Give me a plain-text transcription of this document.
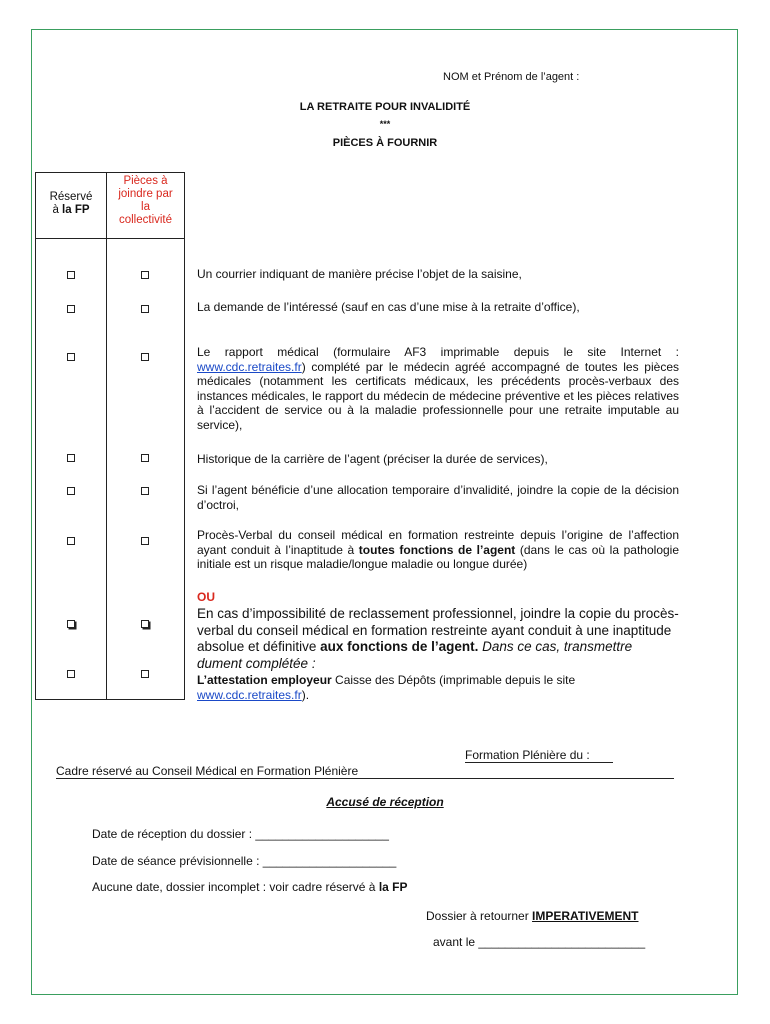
NOM et Prénom de l’agent :
LA RETRAITE POUR INVALIDITÉ
***
PIÈCES À FOURNIR
Réservé
à la FP
Pièces à
joindre par
la
collectivité
Un courrier indiquant de manière précise l’objet de la saisine,
La demande de l’intéressé (sauf en cas d’une mise à la retraite d’office),
Le rapport médical (formulaire AF3 imprimable depuis le site Internet : www.cdc.retraites.fr) complété par le médecin agréé accompagné de toutes les pièces médicales (notamment les certificats médicaux, les précédents procès-verbaux des instances médicales, le rapport du médecin de médecine préventive et les pièces relatives à l’accident de service ou à la maladie professionnelle pour une retraite imputable au service),
Historique de la carrière de l’agent (préciser la durée de services),
Si l’agent bénéficie d’une allocation temporaire d’invalidité, joindre la copie de la décision d’octroi,
Procès-Verbal du conseil médical en formation restreinte depuis l’origine de l’affection ayant conduit à l’inaptitude à toutes fonctions de l’agent (dans le cas où la pathologie initiale est un risque maladie/longue maladie ou longue durée)
OU
En cas d’impossibilité de reclassement professionnel, joindre la copie du procès-verbal du conseil médical en formation restreinte ayant conduit à une inaptitude absolue et définitive aux fonctions de l’agent. Dans ce cas, transmettre dument complétée :
L’attestation employeur Caisse des Dépôts (imprimable depuis le site
www.cdc.retraites.fr).
Formation Plénière du :
Cadre réservé au Conseil Médical en Formation Plénière
Accusé de réception
Date de réception du dossier : ____________________
Date de séance prévisionnelle : ____________________
Aucune date, dossier incomplet : voir cadre réservé à la FP
Dossier à retourner IMPERATIVEMENT
avant le _________________________
